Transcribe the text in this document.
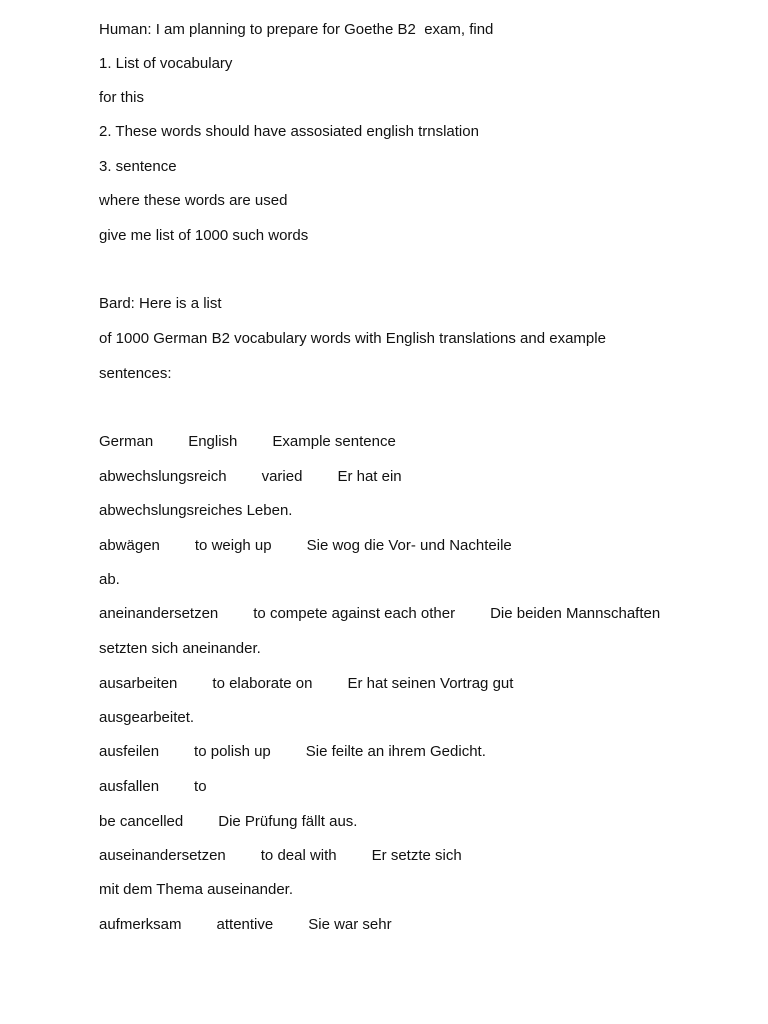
Human: I am planning to prepare for Goethe B2  exam, find
1. List of vocabulary
for this
2. These words should have assosiated english trnslation
3. sentence
where these words are used
give me list of 1000 such words
Bard: Here is a list
of 1000 German B2 vocabulary words with English translations and example
sentences:
German English Example sentence
abwechslungsreich varied Er hat ein
abwechslungsreiches Leben.
abwägen to weigh up Sie wog die Vor- und Nachteile
ab.
aneinandersetzen to compete against each other Die beiden Mannschaften
setzten sich aneinander.
ausarbeiten to elaborate on Er hat seinen Vortrag gut
ausgearbeitet.
ausfeilen to polish up Sie feilte an ihrem Gedicht.
ausfallen to
be cancelled Die Prüfung fällt aus.
auseinandersetzen to deal with Er setzte sich
mit dem Thema auseinander.
aufmerksam attentive Sie war sehr
